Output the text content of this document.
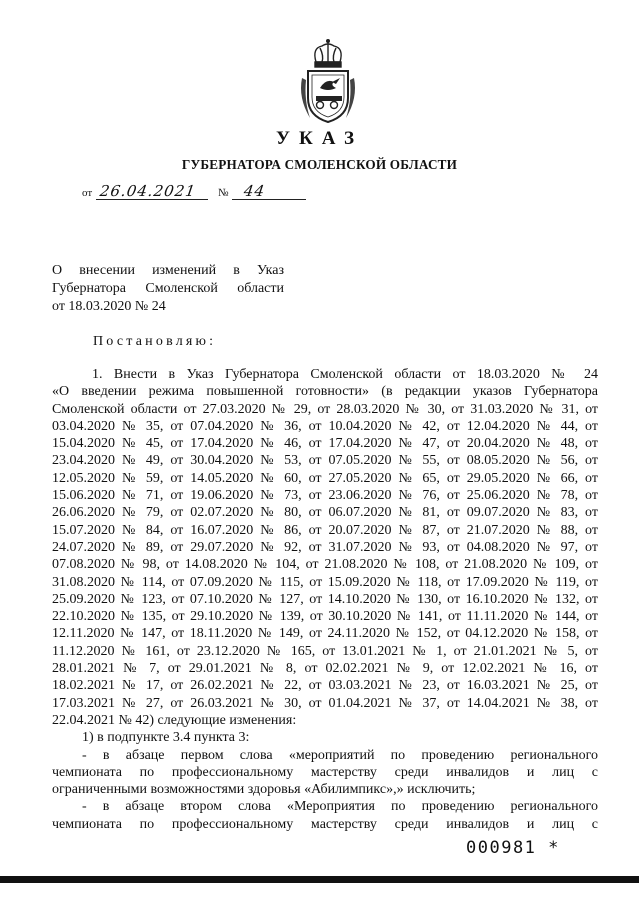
УКАЗ
ГУБЕРНАТОРА СМОЛЕНСКОЙ ОБЛАСТИ
от 26.04.2021 № 44
О внесении изменений в Указ
Губернатора Смоленской области
от 18.03.2020 № 24
Постановляю:
1. Внести в Указ Губернатора Смоленской области от 18.03.2020 № 24
«О введении режима повышенной готовности» (в редакции указов Губернатора
Смоленской области от 27.03.2020 № 29, от 28.03.2020 № 30, от 31.03.2020 № 31, от
03.04.2020 № 35, от 07.04.2020 № 36, от 10.04.2020 № 42, от 12.04.2020 № 44, от
15.04.2020 № 45, от 17.04.2020 № 46, от 17.04.2020 № 47, от 20.04.2020 № 48, от
23.04.2020 № 49, от 30.04.2020 № 53, от 07.05.2020 № 55, от 08.05.2020 № 56, от
12.05.2020 № 59, от 14.05.2020 № 60, от 27.05.2020 № 65, от 29.05.2020 № 66, от
15.06.2020 № 71, от 19.06.2020 № 73, от 23.06.2020 № 76, от 25.06.2020 № 78, от
26.06.2020 № 79, от 02.07.2020 № 80, от 06.07.2020 № 81, от 09.07.2020 № 83, от
15.07.2020 № 84, от 16.07.2020 № 86, от 20.07.2020 № 87, от 21.07.2020 № 88, от
24.07.2020 № 89, от 29.07.2020 № 92, от 31.07.2020 № 93, от 04.08.2020 № 97, от
07.08.2020 № 98, от 14.08.2020 № 104, от 21.08.2020 № 108, от 21.08.2020 № 109, от
31.08.2020 № 114, от 07.09.2020 № 115, от 15.09.2020 № 118, от 17.09.2020 № 119, от
25.09.2020 № 123, от 07.10.2020 № 127, от 14.10.2020 № 130, от 16.10.2020 № 132, от
22.10.2020 № 135, от 29.10.2020 № 139, от 30.10.2020 № 141, от 11.11.2020 № 144, от
12.11.2020 № 147, от 18.11.2020 № 149, от 24.11.2020 № 152, от 04.12.2020 № 158, от
11.12.2020 № 161, от 23.12.2020 № 165, от 13.01.2021 № 1, от 21.01.2021 № 5, от
28.01.2021 № 7, от 29.01.2021 № 8, от 02.02.2021 № 9, от 12.02.2021 № 16, от
18.02.2021 № 17, от 26.02.2021 № 22, от 03.03.2021 № 23, от 16.03.2021 № 25, от
17.03.2021 № 27, от 26.03.2021 № 30, от 01.04.2021 № 37, от 14.04.2021 № 38, от
22.04.2021 № 42) следующие изменения:
1) в подпункте 3.4 пункта 3:
- в абзаце первом слова «мероприятий по проведению регионального
чемпионата по профессиональному мастерству среди инвалидов и лиц с
ограниченными возможностями здоровья «Абилимпикс»,» исключить;
- в абзаце втором слова «Мероприятия по проведению регионального
чемпионата по профессиональному мастерству среди инвалидов и лиц с
000981 *
